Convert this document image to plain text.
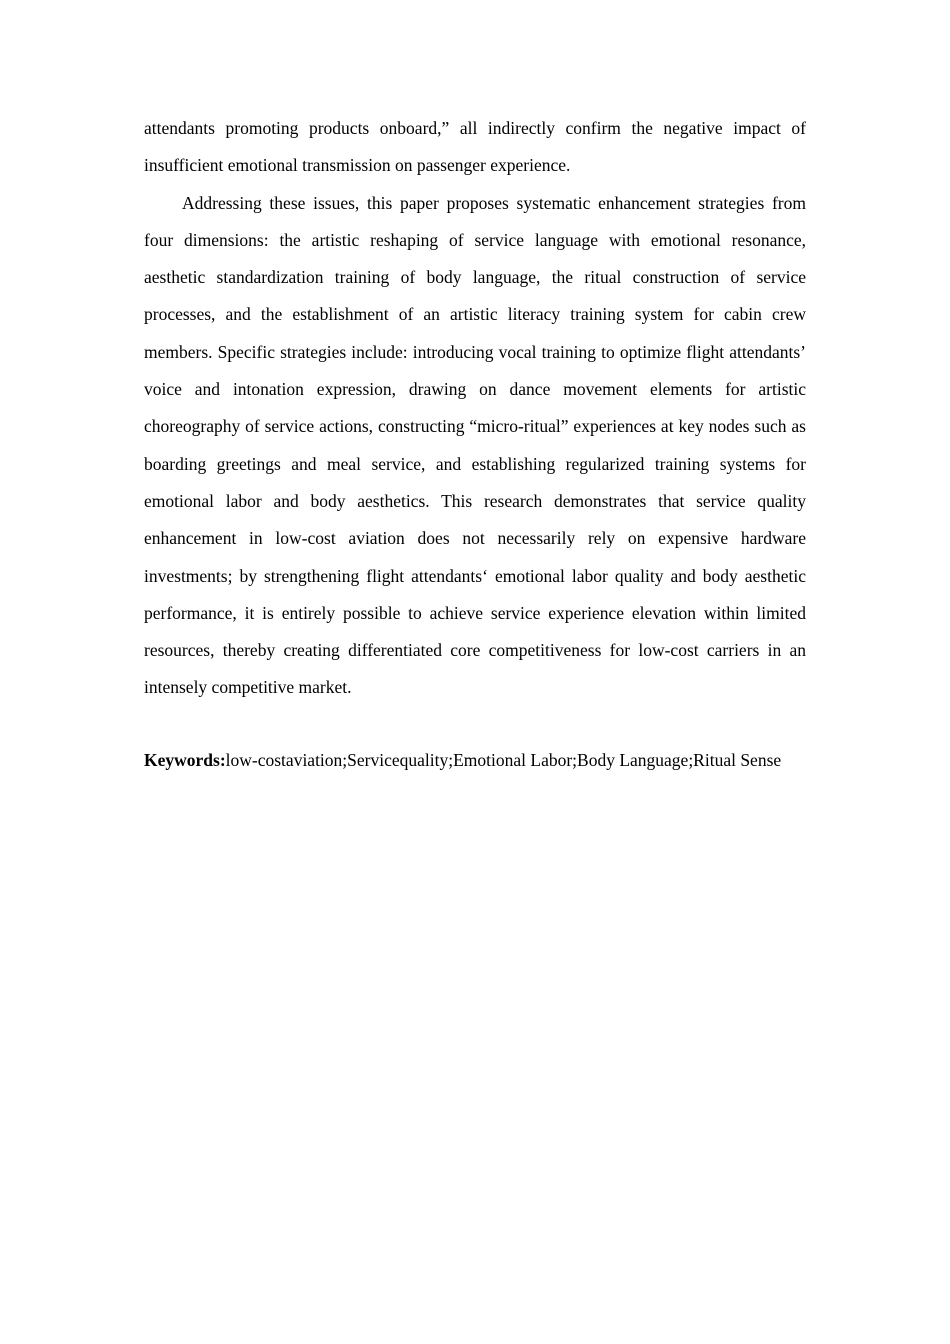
attendants promoting products onboard,” all indirectly confirm the negative impact of insufficient emotional transmission on passenger experience.

Addressing these issues, this paper proposes systematic enhancement strategies from four dimensions: the artistic reshaping of service language with emotional resonance, aesthetic standardization training of body language, the ritual construction of service processes, and the establishment of an artistic literacy training system for cabin crew members. Specific strategies include: introducing vocal training to optimize flight attendants’ voice and intonation expression, drawing on dance movement elements for artistic choreography of service actions, constructing “micro-ritual” experiences at key nodes such as boarding greetings and meal service, and establishing regularized training systems for emotional labor and body aesthetics. This research demonstrates that service quality enhancement in low-cost aviation does not necessarily rely on expensive hardware investments; by strengthening flight attendants‘ emotional labor quality and body aesthetic performance, it is entirely possible to achieve service experience elevation within limited resources, thereby creating differentiated core competitiveness for low-cost carriers in an intensely competitive market.

Keywords:low-costaviation;Servicequality;Emotional Labor;Body Language;Ritual Sense
